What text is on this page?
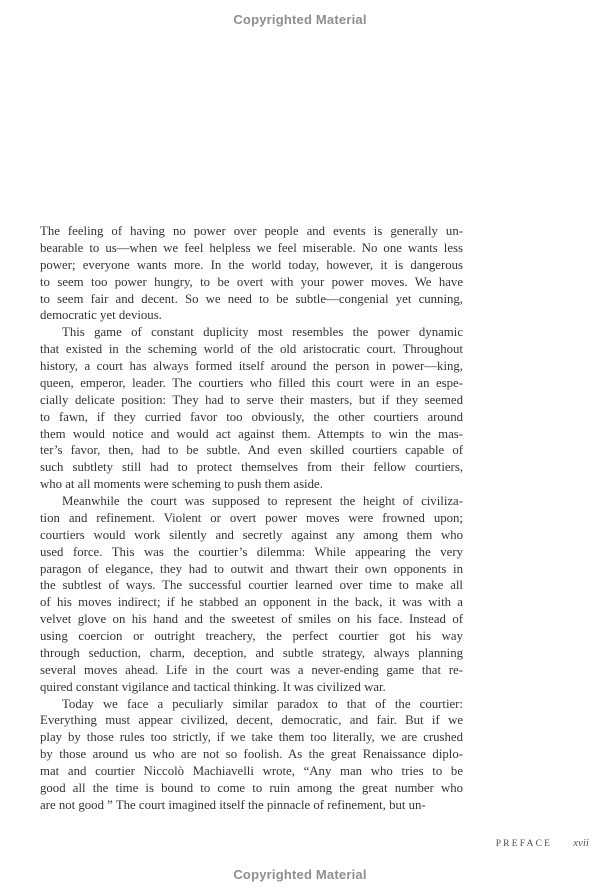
Copyrighted Material
The feeling of having no power over people and events is generally un-
bearable to us—when we feel helpless we feel miserable. No one wants less
power; everyone wants more. In the world today, however, it is dangerous
to seem too power hungry, to be overt with your power moves. We have
to seem fair and decent. So we need to be subtle—congenial yet cunning,
democratic yet devious.
This game of constant duplicity most resembles the power dynamic
that existed in the scheming world of the old aristocratic court. Throughout
history, a court has always formed itself around the person in power—king,
queen, emperor, leader. The courtiers who filled this court were in an espe-
cially delicate position: They had to serve their masters, but if they seemed
to fawn, if they curried favor too obviously, the other courtiers around
them would notice and would act against them. Attempts to win the mas-
ter’s favor, then, had to be subtle. And even skilled courtiers capable of
such subtlety still had to protect themselves from their fellow courtiers,
who at all moments were scheming to push them aside.
Meanwhile the court was supposed to represent the height of civiliza-
tion and refinement. Violent or overt power moves were frowned upon;
courtiers would work silently and secretly against any among them who
used force. This was the courtier’s dilemma: While appearing the very
paragon of elegance, they had to outwit and thwart their own opponents in
the subtlest of ways. The successful courtier learned over time to make all
of his moves indirect; if he stabbed an opponent in the back, it was with a
velvet glove on his hand and the sweetest of smiles on his face. Instead of
using coercion or outright treachery, the perfect courtier got his way
through seduction, charm, deception, and subtle strategy, always planning
several moves ahead. Life in the court was a never-ending game that re-
quired constant vigilance and tactical thinking. It was civilized war.
Today we face a peculiarly similar paradox to that of the courtier:
Everything must appear civilized, decent, democratic, and fair. But if we
play by those rules too strictly, if we take them too literally, we are crushed
by those around us who are not so foolish. As the great Renaissance diplo-
mat and courtier Niccolò Machiavelli wrote, “Any man who tries to be
good all the time is bound to come to ruin among the great number who
are not good ” The court imagined itself the pinnacle of refinement, but un-
PREFACE xvii
Copyrighted Material
